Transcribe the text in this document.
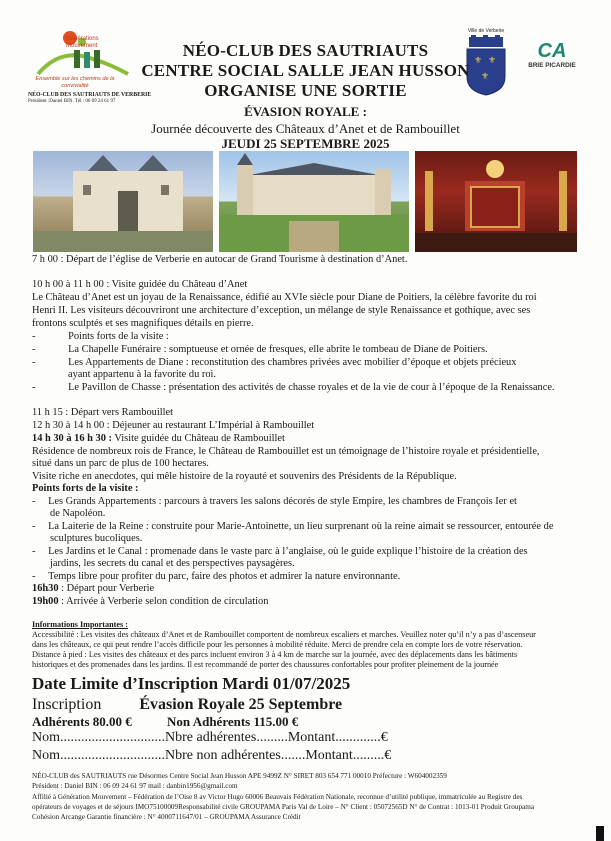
Générations
Mouvement
Ensemble sur les chemins de la convivialité
NÉO-CLUB DES SAUTRIAUTS DE VERBERIE
Président :Daniel BIN. Tél : 06 09 24 61 97
Ville de Verberie
⚜ ⚜
⚜
CA
BRIE PICARDIE
NÉO-CLUB DES SAUTRIAUTS
CENTRE SOCIAL SALLE JEAN HUSSON
ORGANISE UNE SORTIE
ÉVASION ROYALE :
Journée découverte des Châteaux d’Anet et de Rambouillet
JEUDI 25 SEPTEMBRE 2025
7 h 00 : Départ de l’église de Verberie en autocar de Grand Tourisme à destination d’Anet.
10 h 00 à 11 h 00 : Visite guidée du Château d’Anet
Le Château d’Anet est un joyau de la Renaissance, édifié au XVIe siècle pour Diane de Poitiers, la célèbre favorite du roi
Henri II. Les visiteurs découvriront une architecture d’exception, un mélange de style Renaissance et gothique, avec ses
frontons sculptés et ses magnifiques détails en pierre.
-	Points forts de la visite :
-	La Chapelle Funéraire : somptueuse et ornée de fresques, elle abrite le tombeau de Diane de Poitiers.
-	Les Appartements de Diane : reconstitution des chambres privées avec mobilier d’époque et objets précieux
ayant appartenu à la favorite du roi.
-	Le Pavillon de Chasse : présentation des activités de chasse royales et de la vie de cour à l’époque de la Renaissance.
11 h 15 : Départ vers Rambouillet
12 h 30 à 14 h 00 : Déjeuner au restaurant L’Impérial à Rambouillet
14 h 30 à 16 h 30 : Visite guidée du Château de Rambouillet
Résidence de nombreux rois de France, le Château de Rambouillet est un témoignage de l’histoire royale et présidentielle,
situé dans un parc de plus de 100 hectares.
Visite riche en anecdotes, qui mêle histoire de la royauté et souvenirs des Présidents de la République.
Points forts de la visite :
- Les Grands Appartements : parcours à travers les salons décorés de style Empire, les chambres de François Ier et
de Napoléon.
- La Laiterie de la Reine : construite pour Marie-Antoinette, un lieu surprenant où la reine aimait se ressourcer, entourée de
sculptures bucoliques.
- Les Jardins et le Canal : promenade dans le vaste parc à l’anglaise, où le guide explique l’histoire de la création des
jardins, les secrets du canal et des perspectives paysagères.
- Temps libre pour profiter du parc, faire des photos et admirer la nature environnante.
16h30 : Départ pour Verberie
19h00 : Arrivée à Verberie selon condition de circulation
Informations Importantes :
Accessibilité : Les visites des châteaux d’Anet et de Rambouillet comportent de nombreux escaliers et marches. Veuillez noter qu’il n’y a pas d’ascenseur
dans les châteaux, ce qui peut rendre l’accès difficile pour les personnes à mobilité réduite. Merci de prendre cela en compte lors de votre réservation.
Distance à pied : Les visites des châteaux et des parcs incluent environ 3 à 4 km de marche sur la journée, avec des déplacements dans les bâtiments
historiques et des promenades dans les jardins. Il est recommandé de porter des chaussures confortables pour profiter pleinement de la journée
Date Limite d’Inscription Mardi 01/07/2025
Inscription Évasion Royale 25 Septembre
Adhérents 80.00 €	Non Adhérents 115.00 €
Nom..............................Nbre adhérentes.........Montant.............€
Nom..............................Nbre non adhérentes.......Montant.........€
NÉO-CLUB des SAUTRIAUTS rue Désormes Centre Social Jean Husson APE 9499Z N° SIRET 803 654 771 00010 Préfecture : W604002359
Président : Daniel BIN : 06 09 24 61 97 mail : danbin1956@gmail.com
Affilié à Génération Mouvement – Fédération de l’Oise 8 av Victor Hugo 60006 Beauvais Fédération Nationale, reconnue d’utilité publique, immatriculée au Registre des
opérateurs de voyages et de séjours IMO75100009Responsabilité civile GROUPAMA Paris Val de Loire – N° Client : 05072565D N° de Contrat : 1013-01 Produit Groupama
Cohésion Arcange Garantie financière : N° 4000711647/01 – GROUPAMA Assurance Crédit
